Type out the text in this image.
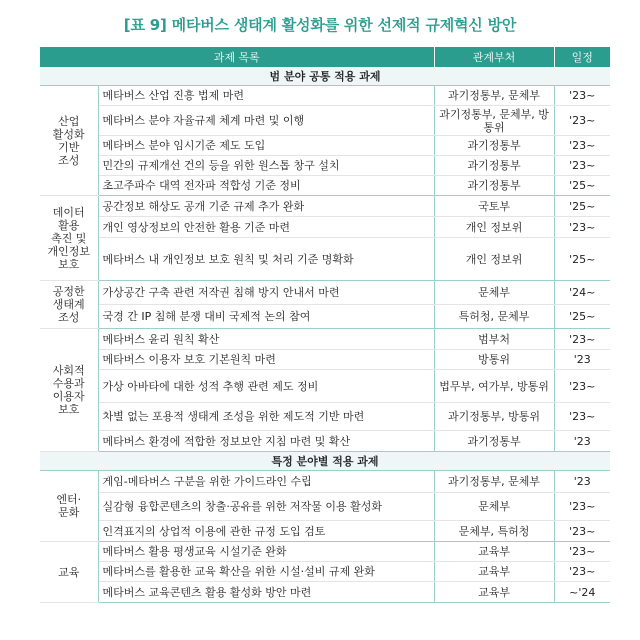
[표 9] 메타버스 생태계 활성화를 위한 선제적 규제혁신 방안
과제 목록		관계부처	일정
범 분야 공통 적용 과제			

산업
활성화
기반
조성	메타버스 산업 진흥 법제 마련	과기정통부, 문체부	'23~
	메타버스 분야 자율규제 체계 마련 및 이행	과기정통부, 문체부, 방통위	'23~
	메타버스 분야 임시기준 제도 도입	과기정통부	'23~
	민간의 규제개선 건의 등을 위한 원스톱 창구 설치	과기정통부	'23~
	초고주파수 대역 전자파 적합성 기준 정비	과기정통부	'25~

데이터
활용
촉진 및
개인정보
보호	공간정보 해상도 공개 기준 규제 추가 완화	국토부	'25~
	개인 영상정보의 안전한 활용 기준 마련	개인 정보위	'23~
	메타버스 내 개인정보 보호 원칙 및 처리 기준 명확화	개인 정보위	'25~

공정한
생태계
조성	가상공간 구축 관련 저작권 침해 방지 안내서 마련	문체부	'24~
	국경 간 IP 침해 분쟁 대비 국제적 논의 참여	특허청, 문체부	'25~

사회적
수용과
이용자
보호	메타버스 윤리 원칙 확산	범부처	'23~
	메타버스 이용자 보호 기본원칙 마련	방통위	'23
	가상 아바타에 대한 성적 추행 관련 제도 정비	법무부, 여가부, 방통위	'23~
	차별 없는 포용적 생태계 조성을 위한 제도적 기반 마련	과기정통부, 방통위	'23~
	메타버스 환경에 적합한 정보보안 지침 마련 및 확산	과기정통부	'23
특정 분야별 적용 과제			

엔터·
문화	게임-메타버스 구분을 위한 가이드라인 수립	과기정통부, 문체부	'23
	실감형 융합콘텐츠의 창출·공유를 위한 저작물 이용 활성화	문체부	'23~
	인격표지의 상업적 이용에 관한 규정 도입 검토	문체부, 특허청	'23~

교육	메타버스 활용 평생교육 시설기준 완화	교육부	'23~
	메타버스를 활용한 교육 확산을 위한 시설·설비 규제 완화	교육부	'23~
	메타버스 교육콘텐츠 활용 활성화 방안 마련	교육부	~'24
